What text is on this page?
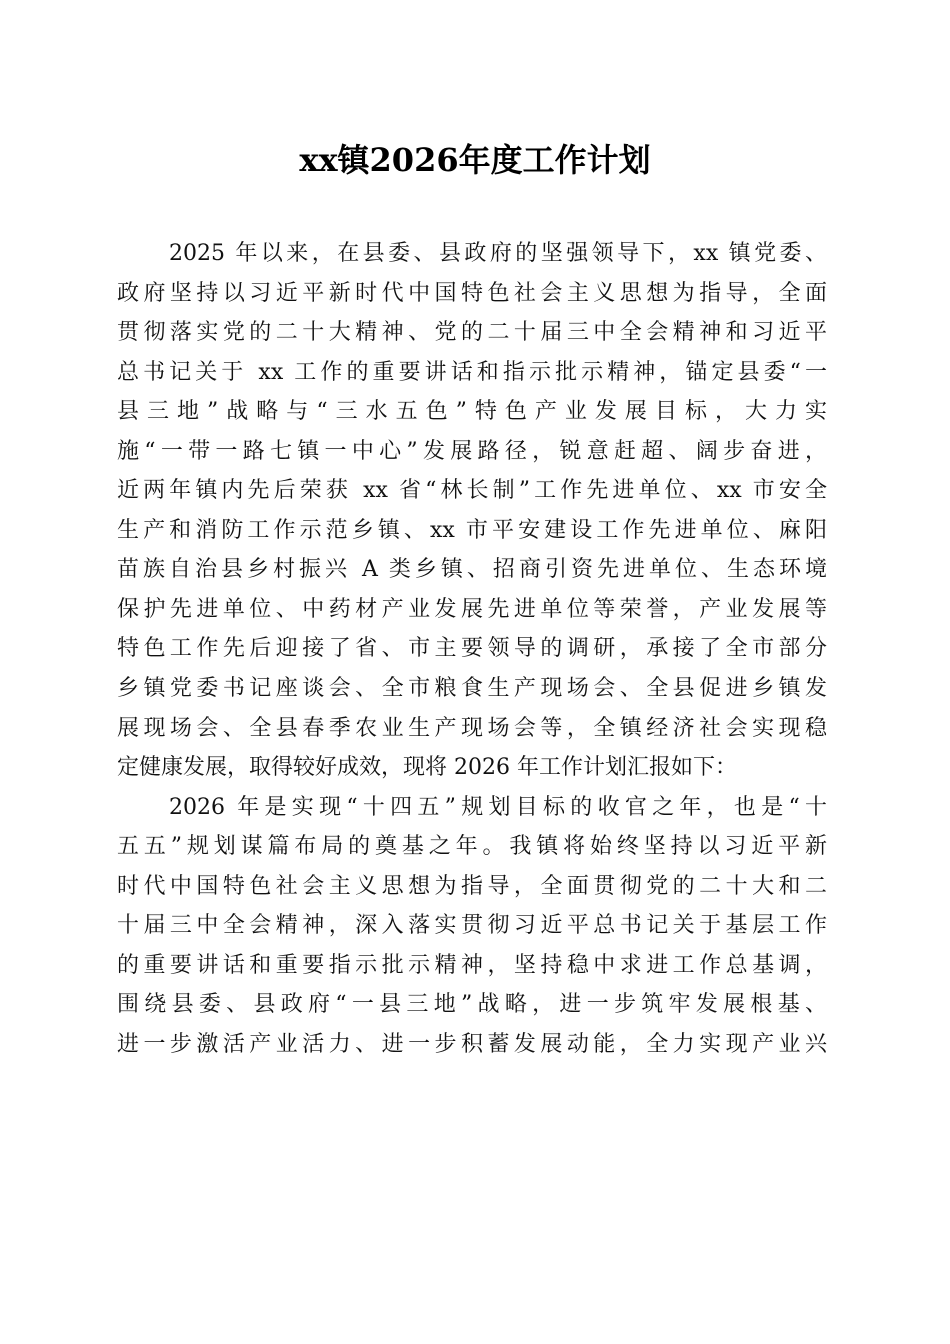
xx镇2026年度工作计划
2025 年以来，在县委、县政府的坚强领导下，xx 镇党委、
政府坚持以习近平新时代中国特色社会主义思想为指导，全面
贯彻落实党的二十大精神、党的二十届三中全会精神和习近平
总书记关于 xx 工作的重要讲话和指示批示精神，锚定县委“一
县三地”战略与“三水五色”特色产业发展目标，大力实
施“一带一路七镇一中心”发展路径，锐意赶超、阔步奋进，
近两年镇内先后荣获 xx 省“林长制”工作先进单位、xx 市安全
生产和消防工作示范乡镇、xx 市平安建设工作先进单位、麻阳
苗族自治县乡村振兴 A 类乡镇、招商引资先进单位、生态环境
保护先进单位、中药材产业发展先进单位等荣誉，产业发展等
特色工作先后迎接了省、市主要领导的调研，承接了全市部分
乡镇党委书记座谈会、全市粮食生产现场会、全县促进乡镇发
展现场会、全县春季农业生产现场会等，全镇经济社会实现稳
定健康发展，取得较好成效，现将 2026 年工作计划汇报如下：
2026 年是实现“十四五”规划目标的收官之年，也是“十
五五”规划谋篇布局的奠基之年。我镇将始终坚持以习近平新
时代中国特色社会主义思想为指导，全面贯彻党的二十大和二
十届三中全会精神，深入落实贯彻习近平总书记关于基层工作
的重要讲话和重要指示批示精神，坚持稳中求进工作总基调，
围绕县委、县政府“一县三地”战略，进一步筑牢发展根基、
进一步激活产业活力、进一步积蓄发展动能，全力实现产业兴
